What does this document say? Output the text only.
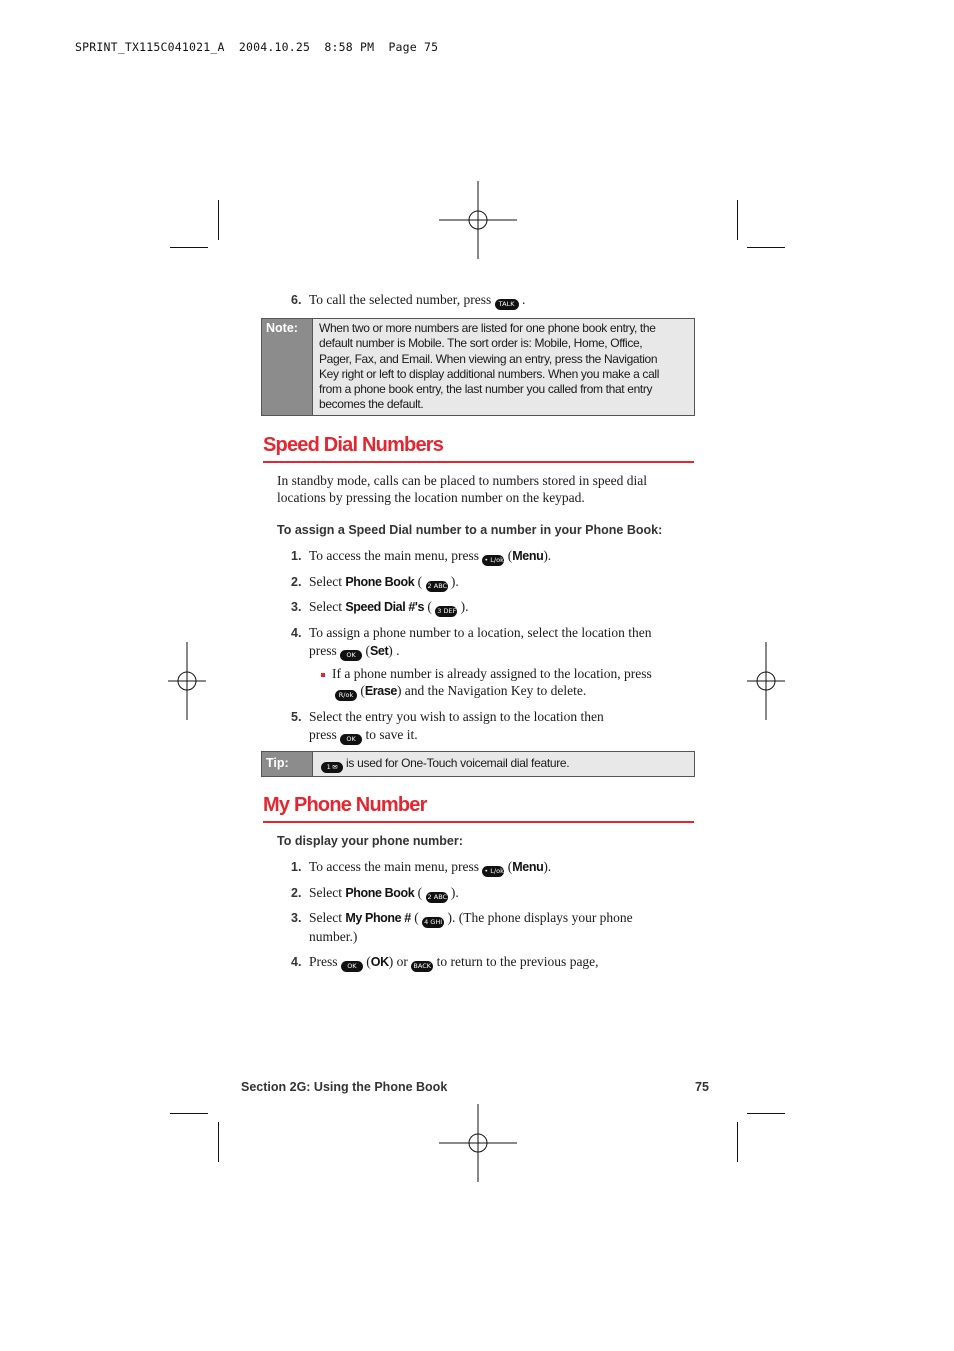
SPRINT_TX115C041021_A  2004.10.25  8:58 PM  Page 75
6. To call the selected number, press TALK .
Note:	When two or more numbers are listed for one phone book entry, the
default number is Mobile. The sort order is: Mobile, Home, Office,
Pager, Fax, and Email. When viewing an entry, press the Navigation
Key right or left to display additional numbers. When you make a call
from a phone book entry, the last number you called from that entry
becomes the default.
Speed Dial Numbers
In standby mode, calls can be placed to numbers stored in speed dial
locations by pressing the location number on the keypad.
To assign a Speed Dial number to a number in your Phone Book:
1. To access the main menu, press • L/ok (Menu).
2. Select Phone Book ( 2 ABC ).
3. Select Speed Dial #'s ( 3 DEF ).
4. To assign a phone number to a location, select the location then
press OK (Set) .
If a phone number is already assigned to the location, press
R/ok (Erase) and the Navigation Key to delete.
5. Select the entry you wish to assign to the location then
press OK to save it.
Tip:	1 ✉ is used for One-Touch voicemail dial feature.
My Phone Number
To display your phone number:
1. To access the main menu, press • L/ok (Menu).
2. Select Phone Book ( 2 ABC ).
3. Select My Phone # ( 4 GHI ). (The phone displays your phone
number.)
4. Press OK (OK) or BACK to return to the previous page,
Section 2G: Using the Phone Book	75
